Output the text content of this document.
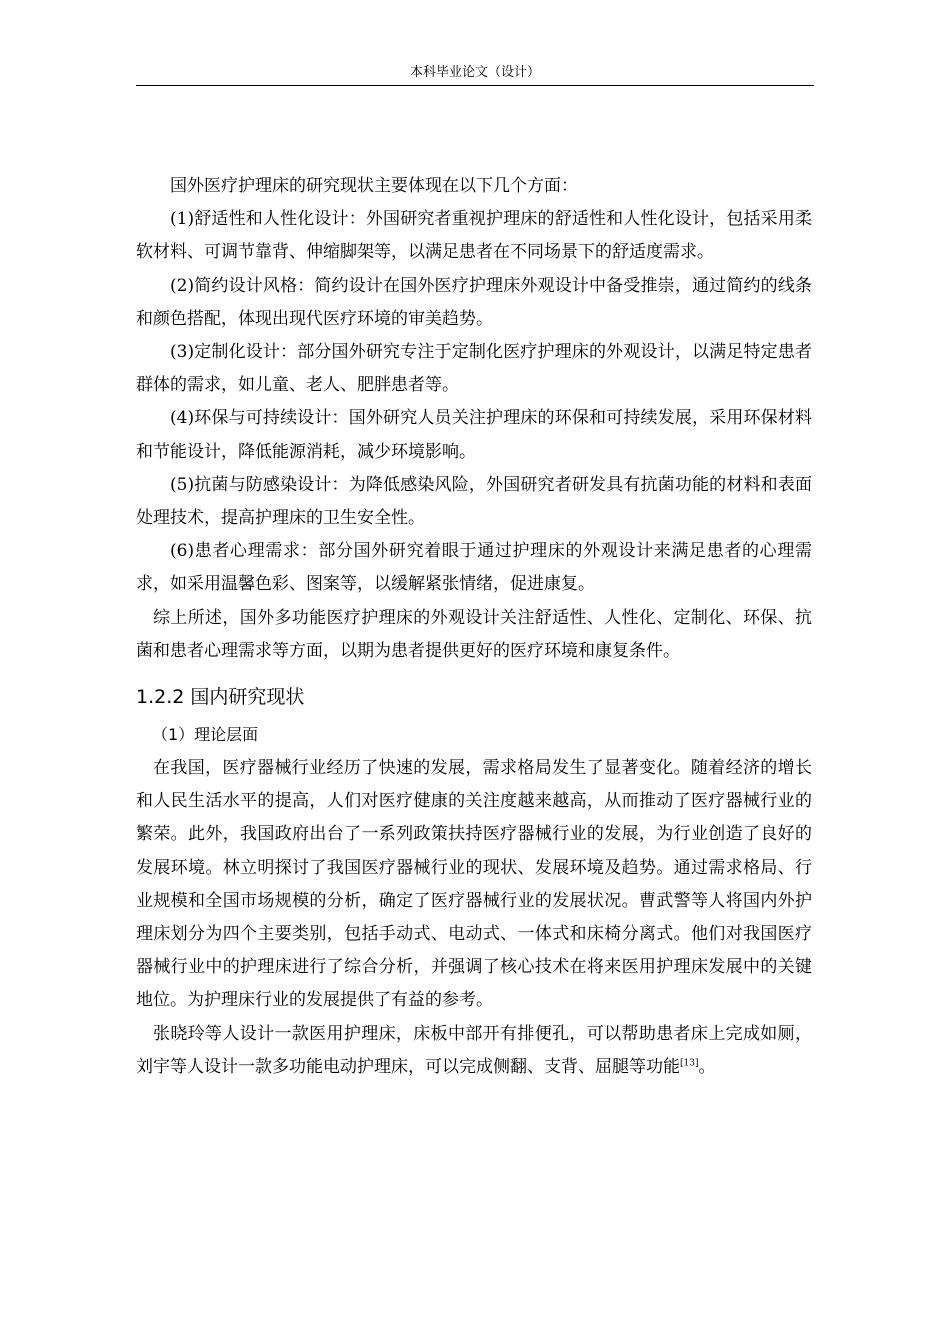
本科毕业论文（设计）

国外医疗护理床的研究现状主要体现在以下几个方面：

(1)舒适性和人性化设计：外国研究者重视护理床的舒适性和人性化设计，包括采用柔软材料、可调节靠背、伸缩脚架等，以满足患者在不同场景下的舒适度需求。

(2)简约设计风格：简约设计在国外医疗护理床外观设计中备受推崇，通过简约的线条和颜色搭配，体现出现代医疗环境的审美趋势。

(3)定制化设计：部分国外研究专注于定制化医疗护理床的外观设计，以满足特定患者群体的需求，如儿童、老人、肥胖患者等。

(4)环保与可持续设计：国外研究人员关注护理床的环保和可持续发展，采用环保材料和节能设计，降低能源消耗，减少环境影响。

(5)抗菌与防感染设计：为降低感染风险，外国研究者研发具有抗菌功能的材料和表面处理技术，提高护理床的卫生安全性。

(6)患者心理需求：部分国外研究着眼于通过护理床的外观设计来满足患者的心理需求，如采用温馨色彩、图案等，以缓解紧张情绪，促进康复。

综上所述，国外多功能医疗护理床的外观设计关注舒适性、人性化、定制化、环保、抗菌和患者心理需求等方面，以期为患者提供更好的医疗环境和康复条件。

1.2.2 国内研究现状
（1）理论层面

在我国，医疗器械行业经历了快速的发展，需求格局发生了显著变化。随着经济的增长和人民生活水平的提高，人们对医疗健康的关注度越来越高，从而推动了医疗器械行业的繁荣。此外，我国政府出台了一系列政策扶持医疗器械行业的发展，为行业创造了良好的发展环境。林立明探讨了我国医疗器械行业的现状、发展环境及趋势。通过需求格局、行业规模和全国市场规模的分析，确定了医疗器械行业的发展状况。曹武警等人将国内外护理床划分为四个主要类别，包括手动式、电动式、一体式和床椅分离式。他们对我国医疗器械行业中的护理床进行了综合分析，并强调了核心技术在将来医用护理床发展中的关键地位。为护理床行业的发展提供了有益的参考。

张晓玲等人设计一款医用护理床，床板中部开有排便孔，可以帮助患者床上完成如厕，刘宇等人设计一款多功能电动护理床，可以完成侧翻、支背、屈腿等功能[13]。
